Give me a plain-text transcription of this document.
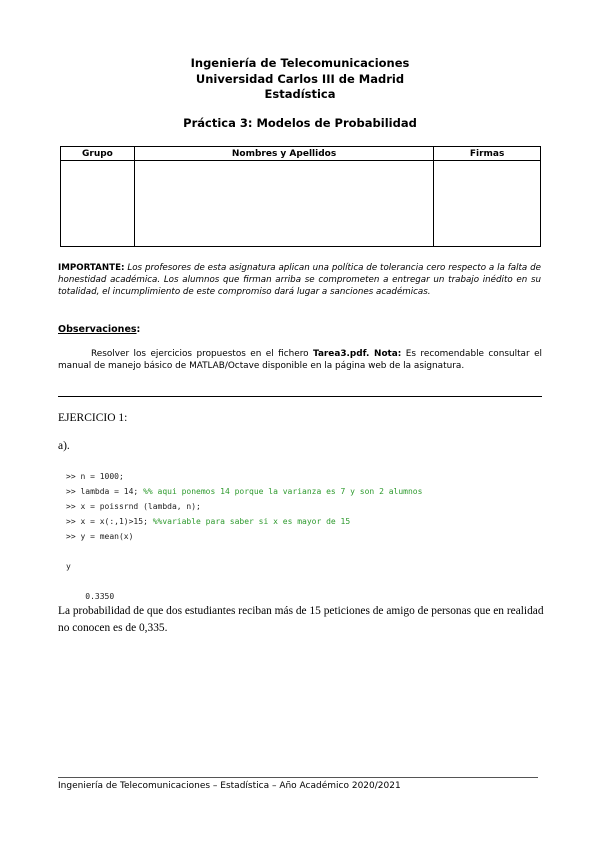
Ingeniería de Telecomunicaciones
Universidad Carlos III de Madrid
Estadística
Práctica 3: Modelos de Probabilidad
Grupo	Nombres y Apellidos	Firmas

IMPORTANTE: Los profesores de esta asignatura aplican una política de tolerancia cero respecto a la falta de honestidad académica. Los alumnos que firman arriba se comprometen a entregar un trabajo inédito en su totalidad, el incumplimiento de este compromiso dará lugar a sanciones académicas.
Observaciones:
Resolver los ejercicios propuestos en el fichero Tarea3.pdf. Nota: Es recomendable consultar el manual de manejo básico de MATLAB/Octave disponible en la página web de la asignatura.
EJERCICIO 1:
a).
>> n = 1000;
>> lambda = 14; %% aqui ponemos 14 porque la varianza es 7 y son 2 alumnos
>> x = poissrnd (lambda, n);
>> x = x(:,1)>15; %%variable para saber si x es mayor de 15
>> y = mean(x)
y
0.3350
La probabilidad de que dos estudiantes reciban más de 15 peticiones de amigo de personas que en realidad no conocen es de 0,335.
Ingeniería de Telecomunicaciones – Estadística – Año Académico 2020/2021
